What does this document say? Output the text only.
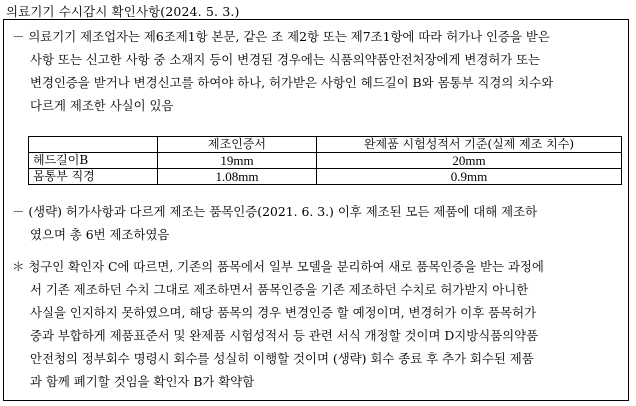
의료기기 수시감시 확인사항(2024. 5. 3.)
－ 의료기기 제조업자는 제6조제1항 본문, 같은 조 제2항 또는 제7조1항에 따라 허가나 인증을 받은
사항 또는 신고한 사항 중 소재지 등이 변경된 경우에는 식품의약품안전처장에게 변경허가 또는
변경인증을 받거나 변경신고를 하여야 하나, 허가받은 사항인 헤드길이 B와 몸통부 직경의 치수와
다르게 제조한 사실이 있음
	제조인증서	완제품 시험성적서 기준(실제 제조 치수)
헤드길이B	19mm	20mm
몸통부 직경	1.08mm	0.9mm
－ (생략) 허가사항과 다르게 제조는 품목인증(2021. 6. 3.) 이후 제조된 모든 제품에 대해 제조하
였으며 총 6번 제조하였음
＊ 청구인 확인자 C에 따르면, 기존의 품목에서 일부 모델을 분리하여 새로 품목인증을 받는 과정에
서 기존 제조하던 수치 그대로 제조하면서 품목인증을 기존 제조하던 수치로 허가받지 아니한
사실을 인지하지 못하였으며, 해당 품목의 경우 변경인증 할 예정이며, 변경허가 이후 품목허가
중과 부합하게 제품표준서 및 완제품 시험성적서 등 관련 서식 개정할 것이며 D지방식품의약품
안전청의 정부회수 명령시 회수를 성실히 이행할 것이며 (생략) 회수 종료 후 추가 회수된 제품
과 함께 폐기할 것임을 확인자 B가 확약함
